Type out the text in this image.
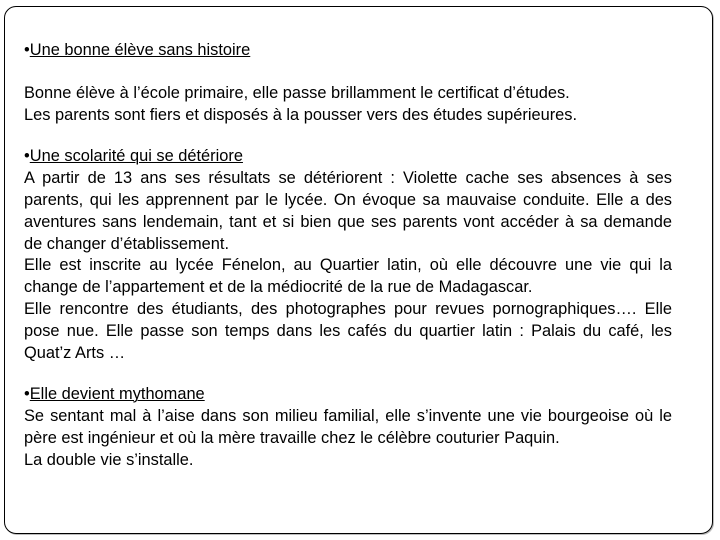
•Une bonne élève sans histoire

Bonne élève à l’école primaire, elle passe brillamment le certificat d’études.

Les parents sont fiers et disposés à la pousser vers des études supérieures.

•Une scolarité qui se détériore

A partir de 13 ans ses résultats se détériorent : Violette cache ses absences à ses parents, qui les apprennent par le lycée. On évoque sa mauvaise conduite. Elle a des aventures sans lendemain, tant et si bien que ses parents vont accéder à sa demande de changer d’établissement.

Elle est inscrite au lycée Fénelon, au Quartier latin, où elle découvre une vie qui la change de l’appartement et de la médiocrité de la rue de Madagascar.

Elle rencontre des étudiants, des photographes pour revues pornographiques…. Elle pose nue. Elle passe son temps dans les cafés du quartier latin : Palais du café, les Quat’z Arts …

•Elle devient mythomane

Se sentant mal à l’aise dans son milieu familial, elle s’invente une vie bourgeoise où le père est ingénieur et où la mère travaille chez le célèbre couturier Paquin.

La double vie s’installe.
